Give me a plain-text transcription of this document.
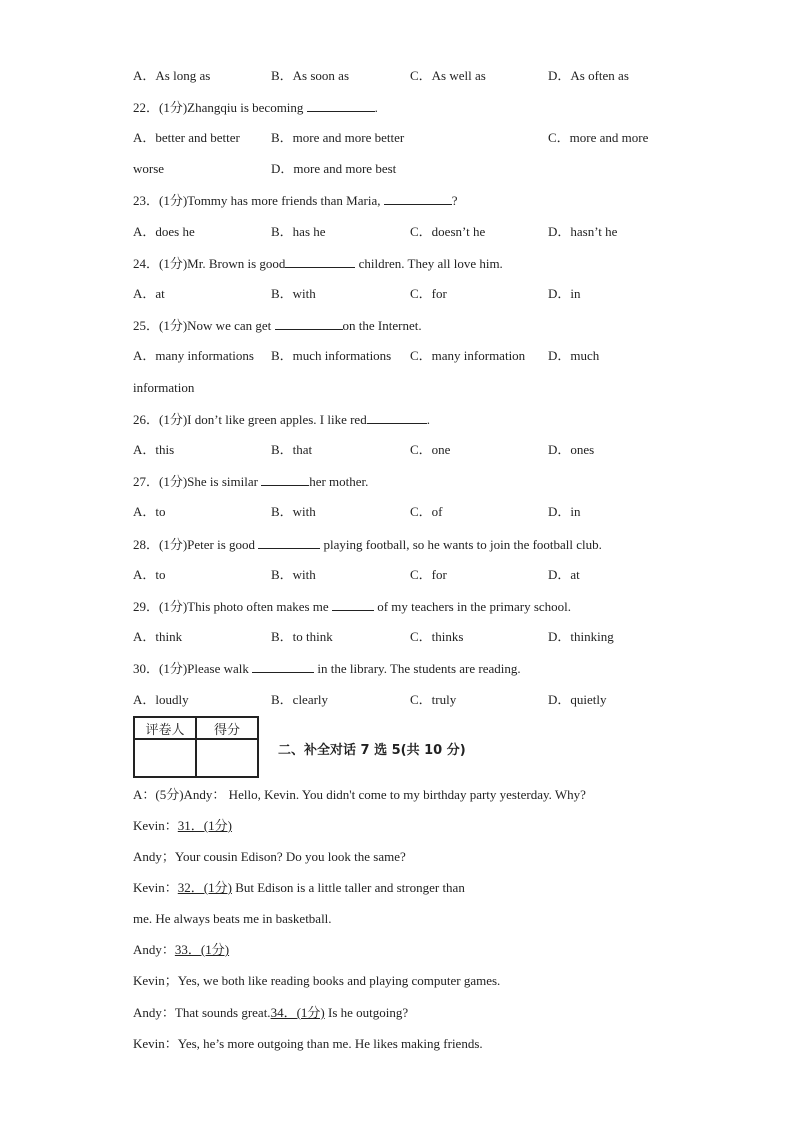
A．As long as	B．As soon as	C．As well as	D．As often as
22．(1分)Zhangqiu is becoming	.
A．better and better B．more and more better	C．more and more
worse	D．more and more best
23．(1分)Tommy has more friends than Maria,	?
A．does he	B．has he	C．doesn’t he	D．hasn’t he
24．(1分)Mr. Brown is good	children. They all love him.
A．at	B．with	C．for	D．in
25．(1分)Now we can get	on the Internet.
A．many informations B．much informations C．many information D．much
information
26．(1分)I don’t like green apples. I like red	.
A．this	B．that	C．one	D．ones
27．(1分)She is similar	her mother.
A．to	B．with	C．of	D．in
28．(1分)Peter is good	playing football, so he wants to join the football club.
A．to	B．with	C．for	D．at
29．(1分)This photo often makes me	of my teachers in the primary school.
A．think	B．to think	C．thinks	D．thinking
30．(1分)Please walk	in the library. The students are reading.
A．loudly	B．clearly	C．truly	D．quietly
评卷人	得分

二、补全对话 7 选 5(共 10 分)
A：(5分)Andy： Hello, Kevin. You didn't come to my birthday party yesterday. Why?
Kevin：31．(1分)
Andy；Your cousin Edison? Do you look the same?
Kevin：32．(1分) But Edison is a little taller and stronger than
me. He always beats me in basketball.
Andy：33．(1分)
Kevin；Yes, we both like reading books and playing computer games.
Andy：That sounds great.34．(1分) Is he outgoing?
Kevin：Yes, he’s more outgoing than me. He likes making friends.
